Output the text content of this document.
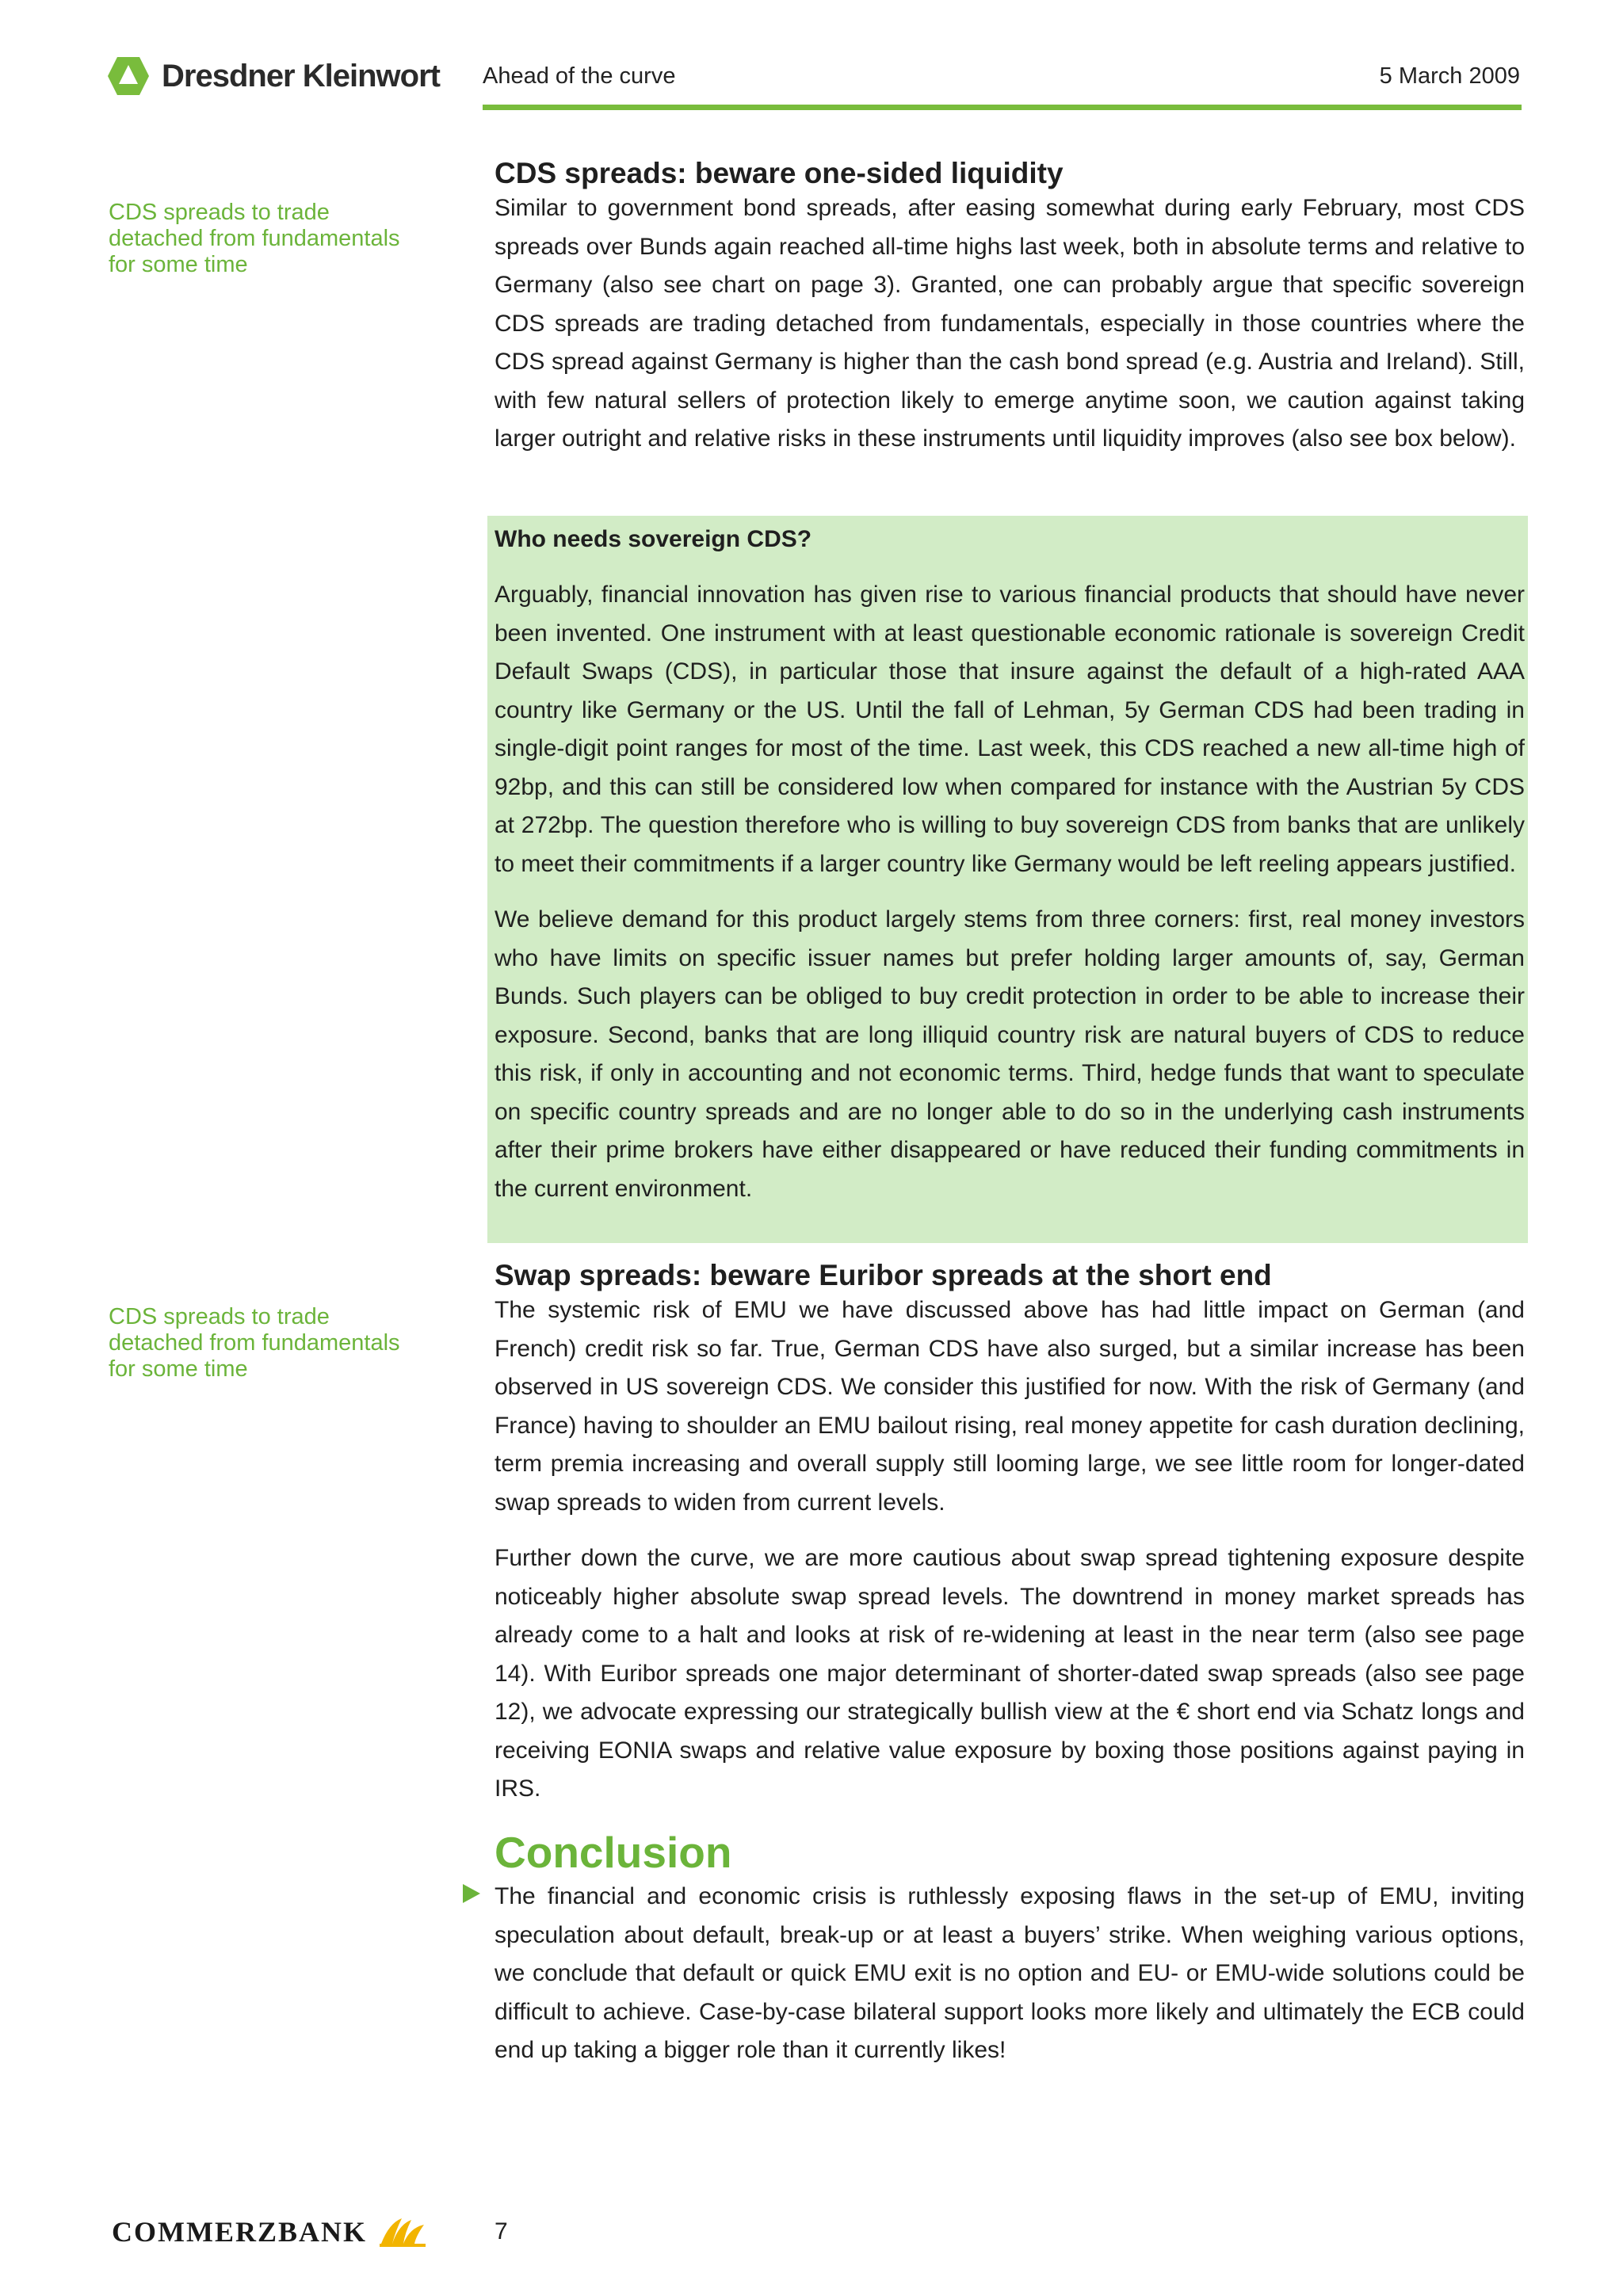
Dresdner Kleinwort Ahead of the curve	5 March 2009
CDS spreads to trade
detached from fundamentals
for some time
CDS spreads to trade
detached from fundamentals
for some time
CDS spreads: beware one-sided liquidity

Similar to government bond spreads, after easing somewhat during early February, most CDS spreads over Bunds again reached all-time highs last week, both in absolute terms and relative to Germany (also see chart on page 3). Granted, one can probably argue that specific sovereign CDS spreads are trading detached from fundamentals, especially in those countries where the CDS spread against Germany is higher than the cash bond spread (e.g. Austria and Ireland). Still, with few natural sellers of protection likely to emerge anytime soon, we caution against taking larger outright and relative risks in these instruments until liquidity improves (also see box below).

Who needs sovereign CDS?

Arguably, financial innovation has given rise to various financial products that should have never been invented. One instrument with at least questionable economic rationale is sovereign Credit Default Swaps (CDS), in particular those that insure against the default of a high-rated AAA country like Germany or the US. Until the fall of Lehman, 5y German CDS had been trading in single-digit point ranges for most of the time. Last week, this CDS reached a new all-time high of 92bp, and this can still be considered low when compared for instance with the Austrian 5y CDS at 272bp. The question therefore who is willing to buy sovereign CDS from banks that are unlikely to meet their commitments if a larger country like Germany would be left reeling appears justified.

We believe demand for this product largely stems from three corners: first, real money investors who have limits on specific issuer names but prefer holding larger amounts of, say, German Bunds. Such players can be obliged to buy credit protection in order to be able to increase their exposure. Second, banks that are long illiquid country risk are natural buyers of CDS to reduce this risk, if only in accounting and not economic terms. Third, hedge funds that want to speculate on specific country spreads and are no longer able to do so in the underlying cash instruments after their prime brokers have either disappeared or have reduced their funding commitments in the current environment.

Swap spreads: beware Euribor spreads at the short end

The systemic risk of EMU we have discussed above has had little impact on German (and French) credit risk so far. True, German CDS have also surged, but a similar increase has been observed in US sovereign CDS. We consider this justified for now. With the risk of Germany (and France) having to shoulder an EMU bailout rising, real money appetite for cash duration declining, term premia increasing and overall supply still looming large, we see little room for longer-dated swap spreads to widen from current levels.

Further down the curve, we are more cautious about swap spread tightening exposure despite noticeably higher absolute swap spread levels. The downtrend in money market spreads has already come to a halt and looks at risk of re-widening at least in the near term (also see page 14). With Euribor spreads one major determinant of shorter-dated swap spreads (also see page 12), we advocate expressing our strategically bullish view at the € short end via Schatz longs and receiving EONIA swaps and relative value exposure by boxing those positions against paying in IRS.

Conclusion

The financial and economic crisis is ruthlessly exposing flaws in the set-up of EMU, inviting speculation about default, break-up or at least a buyers’ strike. When weighing various options, we conclude that default or quick EMU exit is no option and EU- or EMU-wide solutions could be difficult to achieve. Case-by-case bilateral support looks more likely and ultimately the ECB could end up taking a bigger role than it currently likes!

COMMERZBANK	7
